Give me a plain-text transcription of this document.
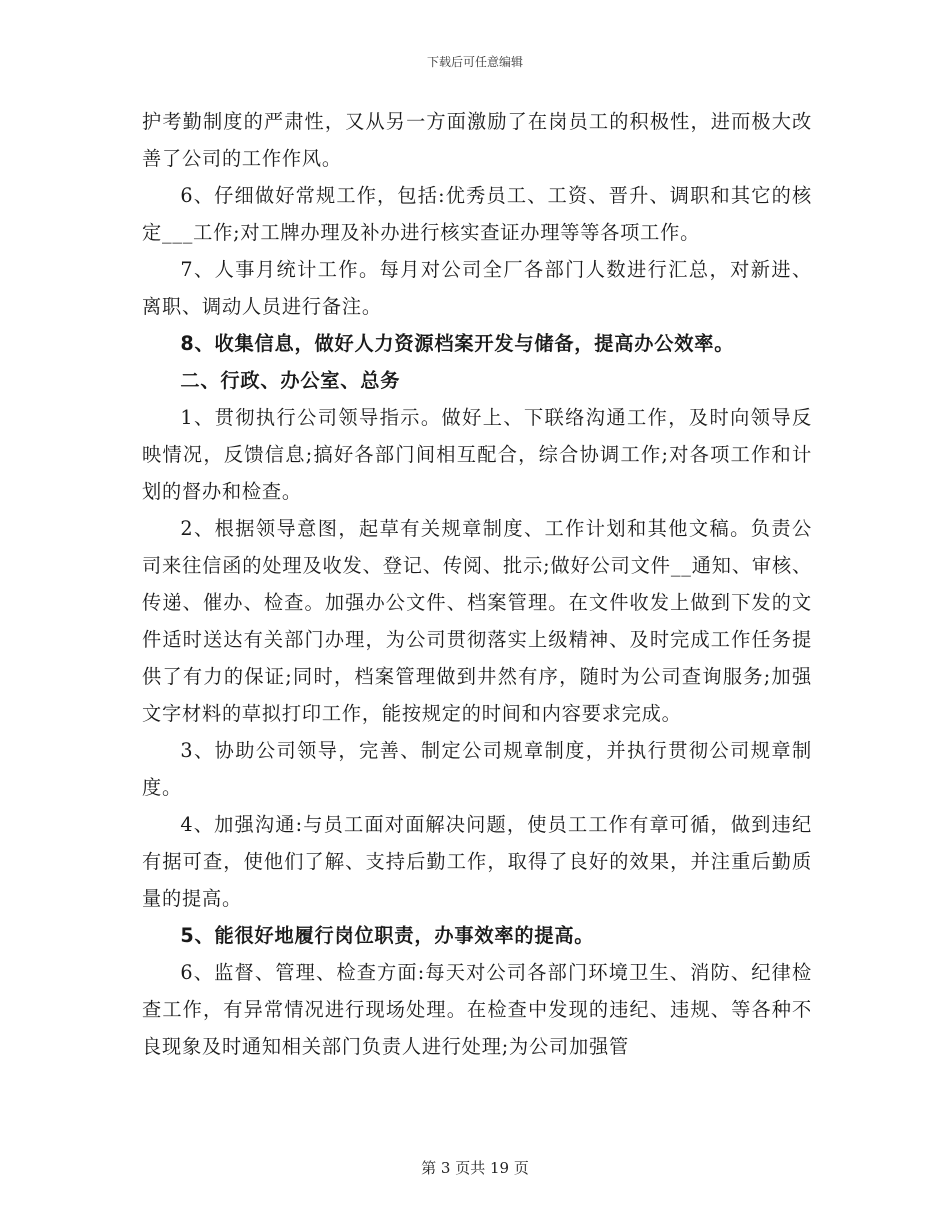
下载后可任意编辑

护考勤制度的严肃性，又从另一方面激励了在岗员工的积极性，进而极大改善了公司的工作作风。

6、仔细做好常规工作，包括:优秀员工、工资、晋升、调职和其它的核定___工作;对工牌办理及补办进行核实查证办理等等各项工作。

7、人事月统计工作。每月对公司全厂各部门人数进行汇总，对新进、离职、调动人员进行备注。

8、收集信息，做好人力资源档案开发与储备，提高办公效率。

二、行政、办公室、总务

1、贯彻执行公司领导指示。做好上、下联络沟通工作，及时向领导反映情况，反馈信息;搞好各部门间相互配合，综合协调工作;对各项工作和计划的督办和检查。

2、根据领导意图，起草有关规章制度、工作计划和其他文稿。负责公司来往信函的处理及收发、登记、传阅、批示;做好公司文件__通知、审核、传递、催办、检查。加强办公文件、档案管理。在文件收发上做到下发的文件适时送达有关部门办理，为公司贯彻落实上级精神、及时完成工作任务提供了有力的保证;同时，档案管理做到井然有序，随时为公司查询服务;加强文字材料的草拟打印工作，能按规定的时间和内容要求完成。

3、协助公司领导，完善、制定公司规章制度，并执行贯彻公司规章制度。

4、加强沟通:与员工面对面解决问题，使员工工作有章可循，做到违纪有据可查，使他们了解、支持后勤工作，取得了良好的效果，并注重后勤质量的提高。

5、能很好地履行岗位职责，办事效率的提高。

6、监督、管理、检查方面:每天对公司各部门环境卫生、消防、纪律检查工作，有异常情况进行现场处理。在检查中发现的违纪、违规、等各种不良现象及时通知相关部门负责人进行处理;为公司加强管

第 3 页共 19 页
